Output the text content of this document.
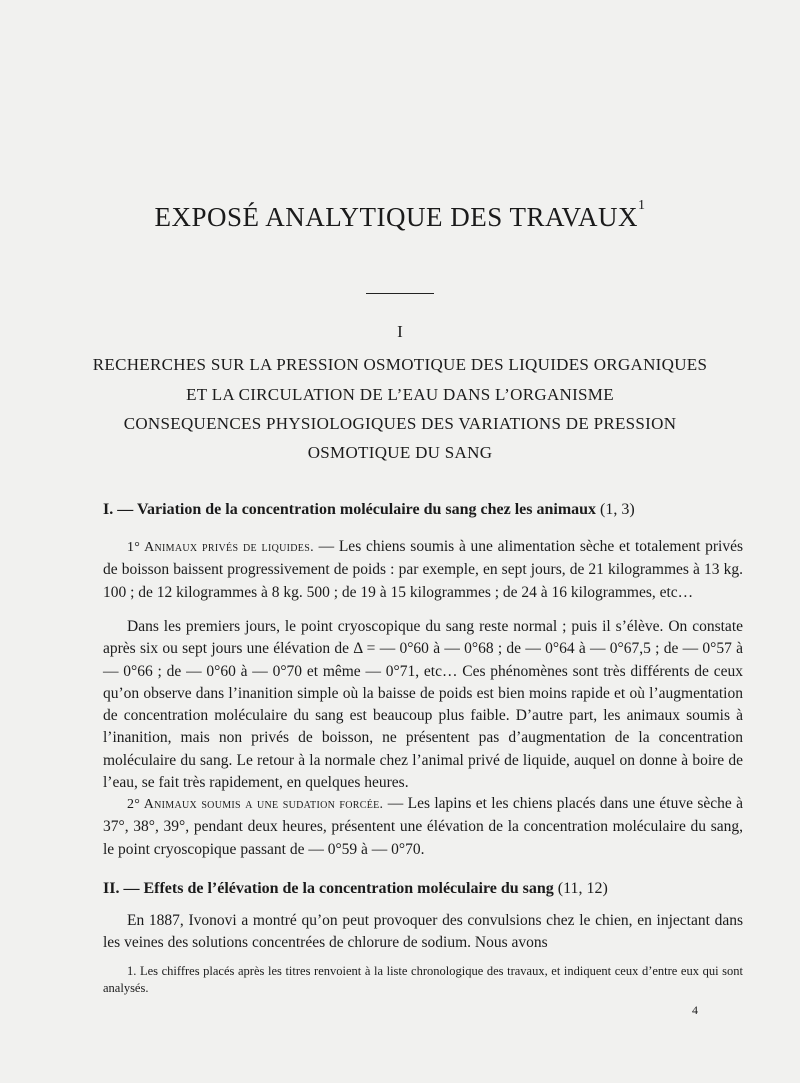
EXPOSÉ ANALYTIQUE DES TRAVAUX$^1$
I
RECHERCHES SUR LA PRESSION OSMOTIQUE DES LIQUIDES ORGANIQUES
ET LA CIRCULATION DE L’EAU DANS L’ORGANISME
CONSEQUENCES PHYSIOLOGIQUES DES VARIATIONS DE PRESSION
OSMOTIQUE DU SANG
I. — Variation de la concentration moléculaire du sang chez les animaux (1, 3)

1° Animaux privés de liquides. — Les chiens soumis à une alimentation sèche et totalement privés de boisson baissent progressivement de poids : par exemple, en sept jours, de 21 kilogrammes à 13 kg. 100 ; de 12 kilogrammes à 8 kg. 500 ; de 19 à 15 kilogrammes ; de 24 à 16 kilogrammes, etc…

Dans les premiers jours, le point cryoscopique du sang reste normal ; puis il s’élève. On constate après six ou sept jours une élévation de Δ = — 0°60 à — 0°68 ; de — 0°64 à — 0°67,5 ; de — 0°57 à — 0°66 ; de — 0°60 à — 0°70 et même — 0°71, etc… Ces phénomènes sont très différents de ceux qu’on observe dans l’inanition simple où la baisse de poids est bien moins rapide et où l’augmentation de concentration moléculaire du sang est beaucoup plus faible. D’autre part, les animaux soumis à l’inanition, mais non privés de boisson, ne présentent pas d’augmentation de la concentration moléculaire du sang. Le retour à la normale chez l’animal privé de liquide, auquel on donne à boire de l’eau, se fait très rapidement, en quelques heures.

2° Animaux soumis a une sudation forcée. — Les lapins et les chiens placés dans une étuve sèche à 37°, 38°, 39°, pendant deux heures, présentent une élévation de la concentration moléculaire du sang, le point cryoscopique passant de — 0°59 à — 0°70.

II. — Effets de l’élévation de la concentration moléculaire du sang (11, 12)

En 1887, Ivonovi a montré qu’on peut provoquer des convulsions chez le chien, en injectant dans les veines des solutions concentrées de chlorure de sodium. Nous avons

1. Les chiffres placés après les titres renvoient à la liste chronologique des travaux, et indiquent ceux d’entre eux qui sont analysés.

4
